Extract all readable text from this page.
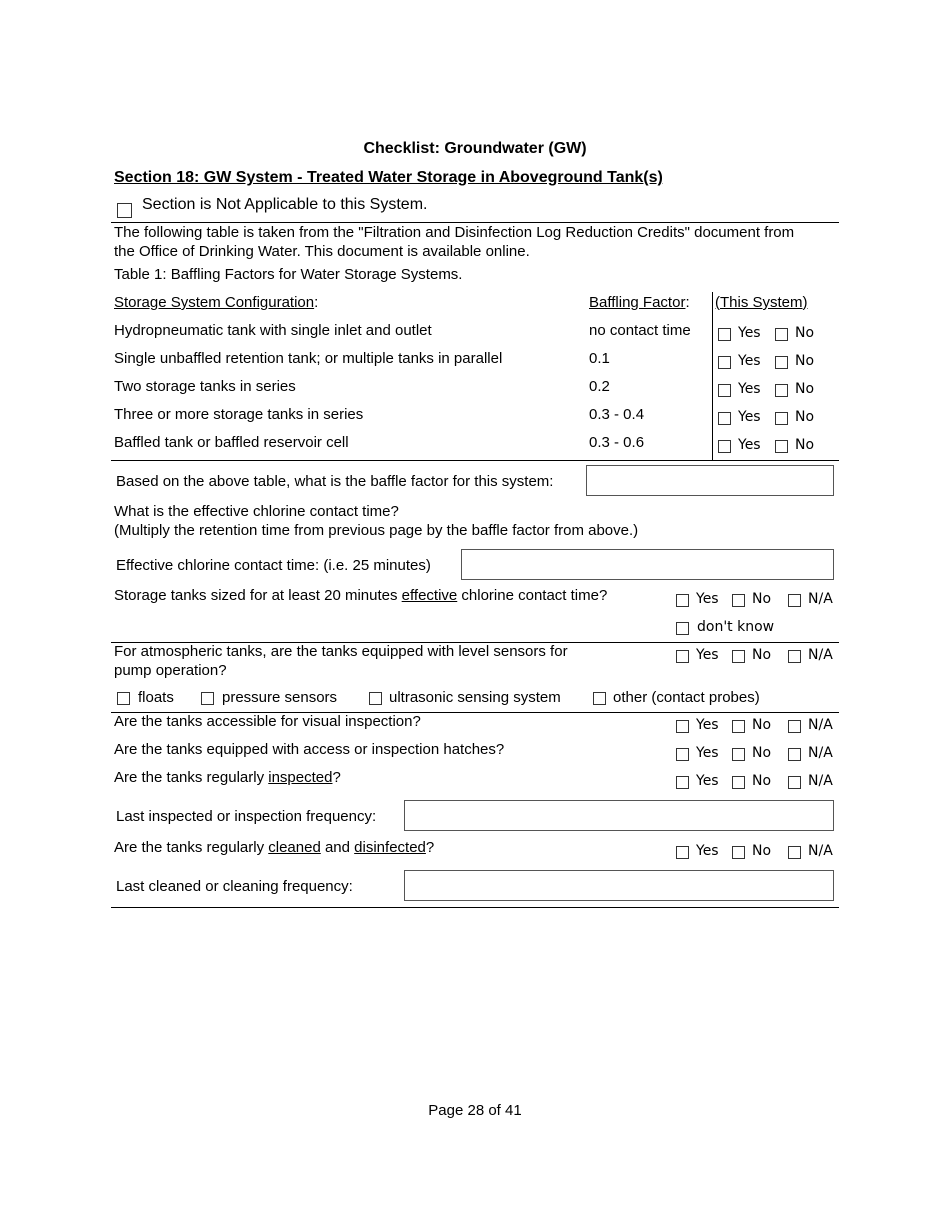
Checklist: Groundwater (GW)
Section 18: GW System - Treated Water Storage in Aboveground Tank(s)
Section is Not Applicable to this System.
The following table is taken from the "Filtration and Disinfection Log Reduction Credits" document from
the Office of Drinking Water. This document is available online.
Table 1: Baffling Factors for Water Storage Systems.
Storage System Configuration:	Baffling Factor: (This System)
Hydropneumatic tank with single inlet and outlet	no contact time	Yes No
Single unbaffled retention tank; or multiple tanks in parallel	0.1	Yes No
Two storage tanks in series	0.2	Yes No
Three or more storage tanks in series	0.3 - 0.4	Yes No
Baffled tank or baffled reservoir cell	0.3 - 0.6	Yes No
Based on the above table, what is the baffle factor for this system:
What is the effective chlorine contact time?
(Multiply the retention time from previous page by the baffle factor from above.)
Effective chlorine contact time: (i.e. 25 minutes)
Storage tanks sized for at least 20 minutes effective chlorine contact time?	Yes No	N/A
don't know
For atmospheric tanks, are the tanks equipped with level sensors for
pump operation?
Yes No	N/A
floats	pressure sensors	ultrasonic sensing system	other (contact probes)
Are the tanks accessible for visual inspection?	Yes No	N/A
Are the tanks equipped with access or inspection hatches?	Yes No	N/A
Are the tanks regularly inspected?	Yes No	N/A
Last inspected or inspection frequency:
Are the tanks regularly cleaned and disinfected?	Yes No	N/A
Last cleaned or cleaning frequency:
Page 28 of 41
